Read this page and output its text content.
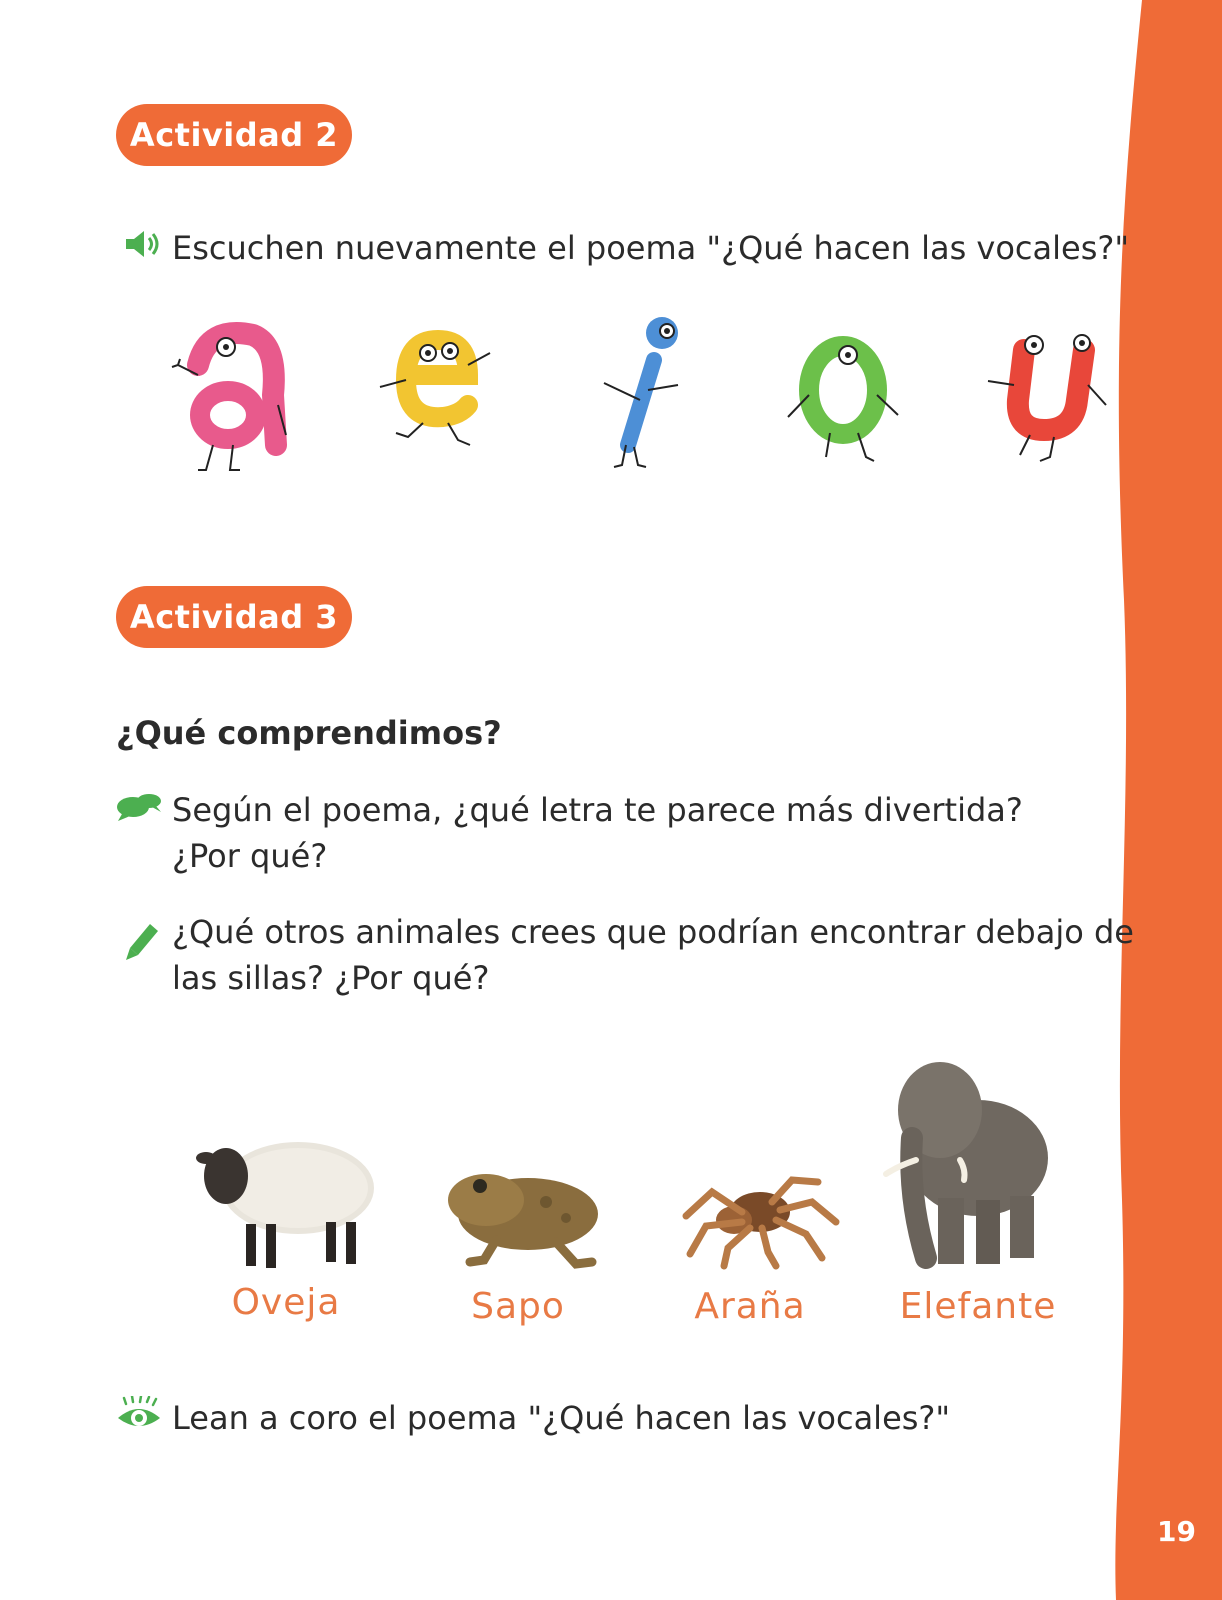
19
Actividad 2
Escuchen nuevamente el poema "¿Qué hacen las vocales?"
Actividad 3
¿Qué comprendimos?
Según el poema, ¿qué letra te parece más divertida?
¿Por qué?
¿Qué otros animales crees que podrían encontrar debajo de
las sillas? ¿Por qué?
Oveja	Sapo	Araña	Elefante
Lean a coro el poema "¿Qué hacen las vocales?"
